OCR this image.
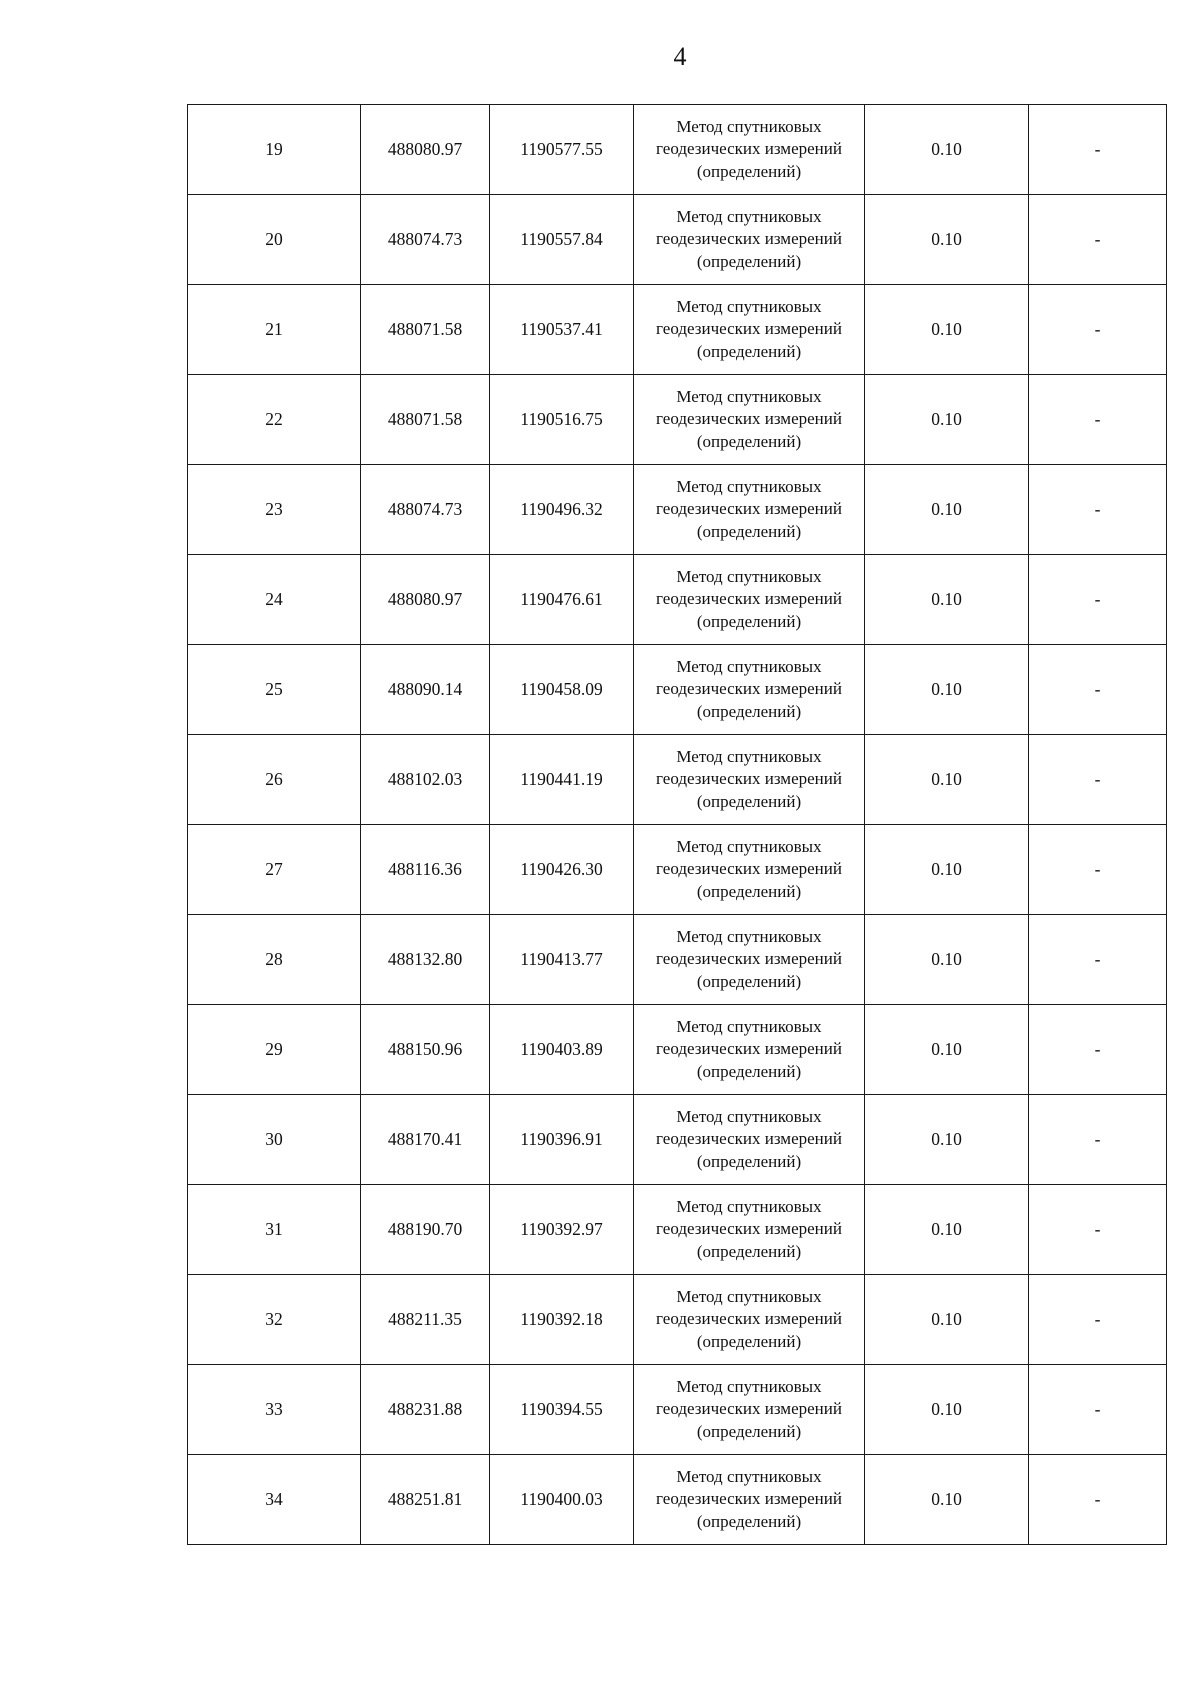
4
19	488080.97	1190577.55	Метод спутниковых геодезических измерений (определений)	0.10	-
20	488074.73	1190557.84	Метод спутниковых геодезических измерений (определений)	0.10	-
21	488071.58	1190537.41	Метод спутниковых геодезических измерений (определений)	0.10	-
22	488071.58	1190516.75	Метод спутниковых геодезических измерений (определений)	0.10	-
23	488074.73	1190496.32	Метод спутниковых геодезических измерений (определений)	0.10	-
24	488080.97	1190476.61	Метод спутниковых геодезических измерений (определений)	0.10	-
25	488090.14	1190458.09	Метод спутниковых геодезических измерений (определений)	0.10	-
26	488102.03	1190441.19	Метод спутниковых геодезических измерений (определений)	0.10	-
27	488116.36	1190426.30	Метод спутниковых геодезических измерений (определений)	0.10	-
28	488132.80	1190413.77	Метод спутниковых геодезических измерений (определений)	0.10	-
29	488150.96	1190403.89	Метод спутниковых геодезических измерений (определений)	0.10	-
30	488170.41	1190396.91	Метод спутниковых геодезических измерений (определений)	0.10	-
31	488190.70	1190392.97	Метод спутниковых геодезических измерений (определений)	0.10	-
32	488211.35	1190392.18	Метод спутниковых геодезических измерений (определений)	0.10	-
33	488231.88	1190394.55	Метод спутниковых геодезических измерений (определений)	0.10	-
34	488251.81	1190400.03	Метод спутниковых геодезических измерений (определений)	0.10	-
